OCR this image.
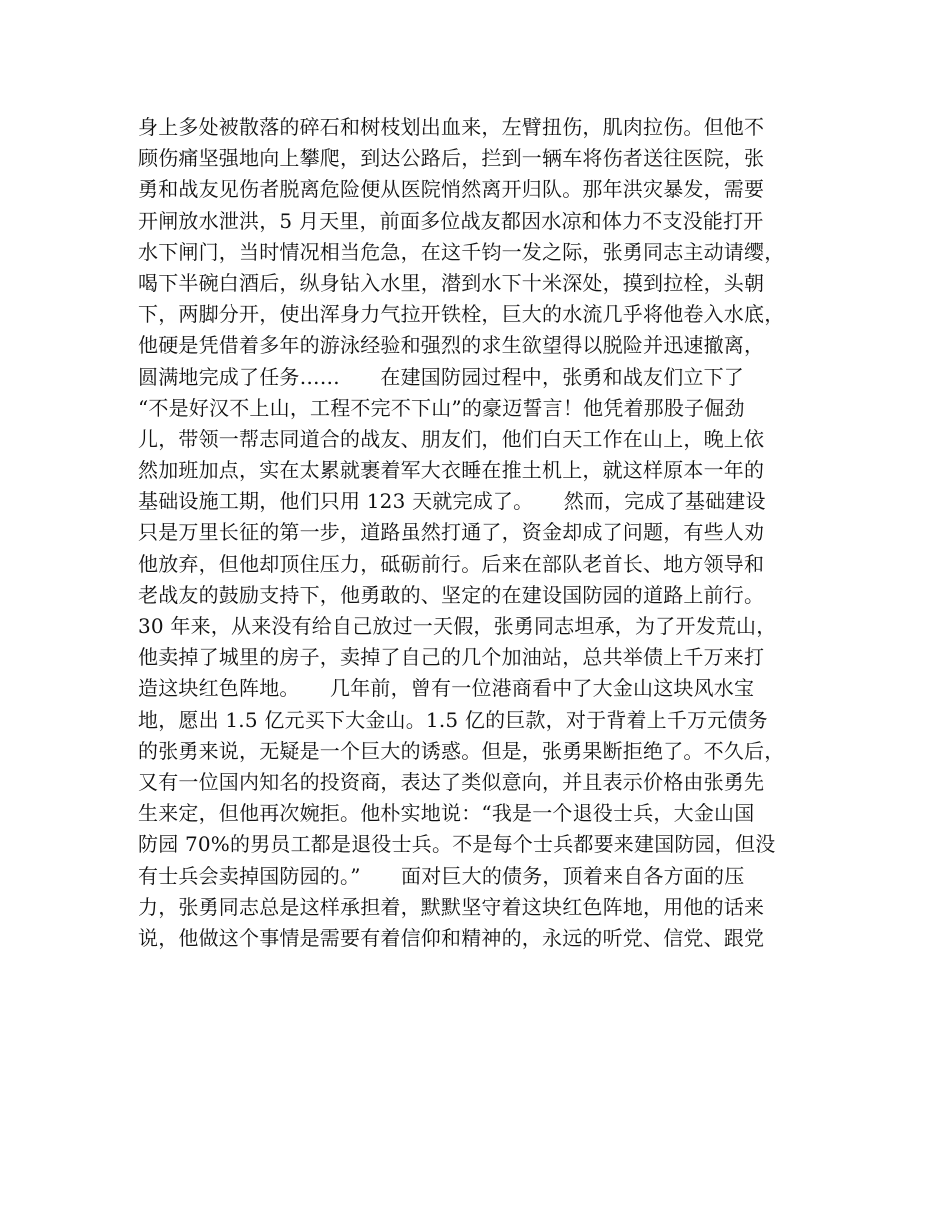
身上多处被散落的碎石和树枝划出血来，左臂扭伤，肌肉拉伤。但他不
顾伤痛坚强地向上攀爬，到达公路后，拦到一辆车将伤者送往医院，张
勇和战友见伤者脱离危险便从医院悄然离开归队。那年洪灾暴发，需要
开闸放水泄洪，5 月天里，前面多位战友都因水凉和体力不支没能打开
水下闸门，当时情况相当危急，在这千钧一发之际，张勇同志主动请缨，
喝下半碗白酒后，纵身钻入水里，潜到水下十米深处，摸到拉栓，头朝
下，两脚分开，使出浑身力气拉开铁栓，巨大的水流几乎将他卷入水底，
他硬是凭借着多年的游泳经验和强烈的求生欲望得以脱险并迅速撤离，
圆满地完成了任务……　　在建国防园过程中，张勇和战友们立下了
“不是好汉不上山，工程不完不下山”的豪迈誓言！他凭着那股子倔劲
儿，带领一帮志同道合的战友、朋友们，他们白天工作在山上，晚上依
然加班加点，实在太累就裹着军大衣睡在推土机上，就这样原本一年的
基础设施工期，他们只用 123 天就完成了。　　然而，完成了基础建设
只是万里长征的第一步，道路虽然打通了，资金却成了问题，有些人劝
他放弃，但他却顶住压力，砥砺前行。后来在部队老首长、地方领导和
老战友的鼓励支持下，他勇敢的、坚定的在建设国防园的道路上前行。
30 年来，从来没有给自己放过一天假，张勇同志坦承，为了开发荒山，
他卖掉了城里的房子，卖掉了自己的几个加油站，总共举债上千万来打
造这块红色阵地。　　几年前，曾有一位港商看中了大金山这块风水宝
地，愿出 1.5 亿元买下大金山。1.5 亿的巨款，对于背着上千万元债务
的张勇来说，无疑是一个巨大的诱惑。但是，张勇果断拒绝了。不久后，
又有一位国内知名的投资商，表达了类似意向，并且表示价格由张勇先
生来定，但他再次婉拒。他朴实地说：“我是一个退役士兵，大金山国
防园 70%的男员工都是退役士兵。不是每个士兵都要来建国防园，但没
有士兵会卖掉国防园的。”　　面对巨大的债务，顶着来自各方面的压
力，张勇同志总是这样承担着，默默坚守着这块红色阵地，用他的话来
说，他做这个事情是需要有着信仰和精神的，永远的听党、信党、跟党
